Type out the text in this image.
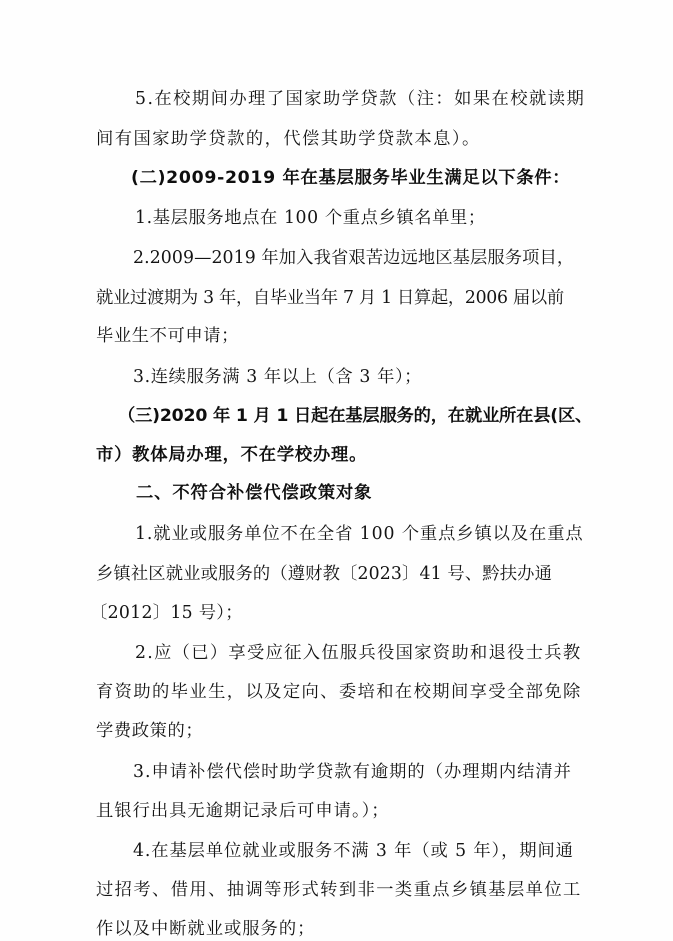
5.在校期间办理了国家助学贷款（注：如果在校就读期
间有国家助学贷款的，代偿其助学贷款本息）。
(二)2009-2019 年在基层服务毕业生满足以下条件：
1.基层服务地点在 100 个重点乡镇名单里；
2.2009—2019 年加入我省艰苦边远地区基层服务项目，
就业过渡期为 3 年，自毕业当年 7 月 1 日算起，2006 届以前
毕业生不可申请；
3.连续服务满 3 年以上（含 3 年）；
（三)2020 年 1 月 1 日起在基层服务的，在就业所在县(区、
市）教体局办理，不在学校办理。
二、不符合补偿代偿政策对象
1.就业或服务单位不在全省 100 个重点乡镇以及在重点
乡镇社区就业或服务的（遵财教〔2023〕41 号、黔扶办通
〔2012〕15 号）；
2.应（已）享受应征入伍服兵役国家资助和退役士兵教
育资助的毕业生，以及定向、委培和在校期间享受全部免除
学费政策的；
3.申请补偿代偿时助学贷款有逾期的（办理期内结清并
且银行出具无逾期记录后可申请。）；
4.在基层单位就业或服务不满 3 年（或 5 年），期间通
过招考、借用、抽调等形式转到非一类重点乡镇基层单位工
作以及中断就业或服务的；
